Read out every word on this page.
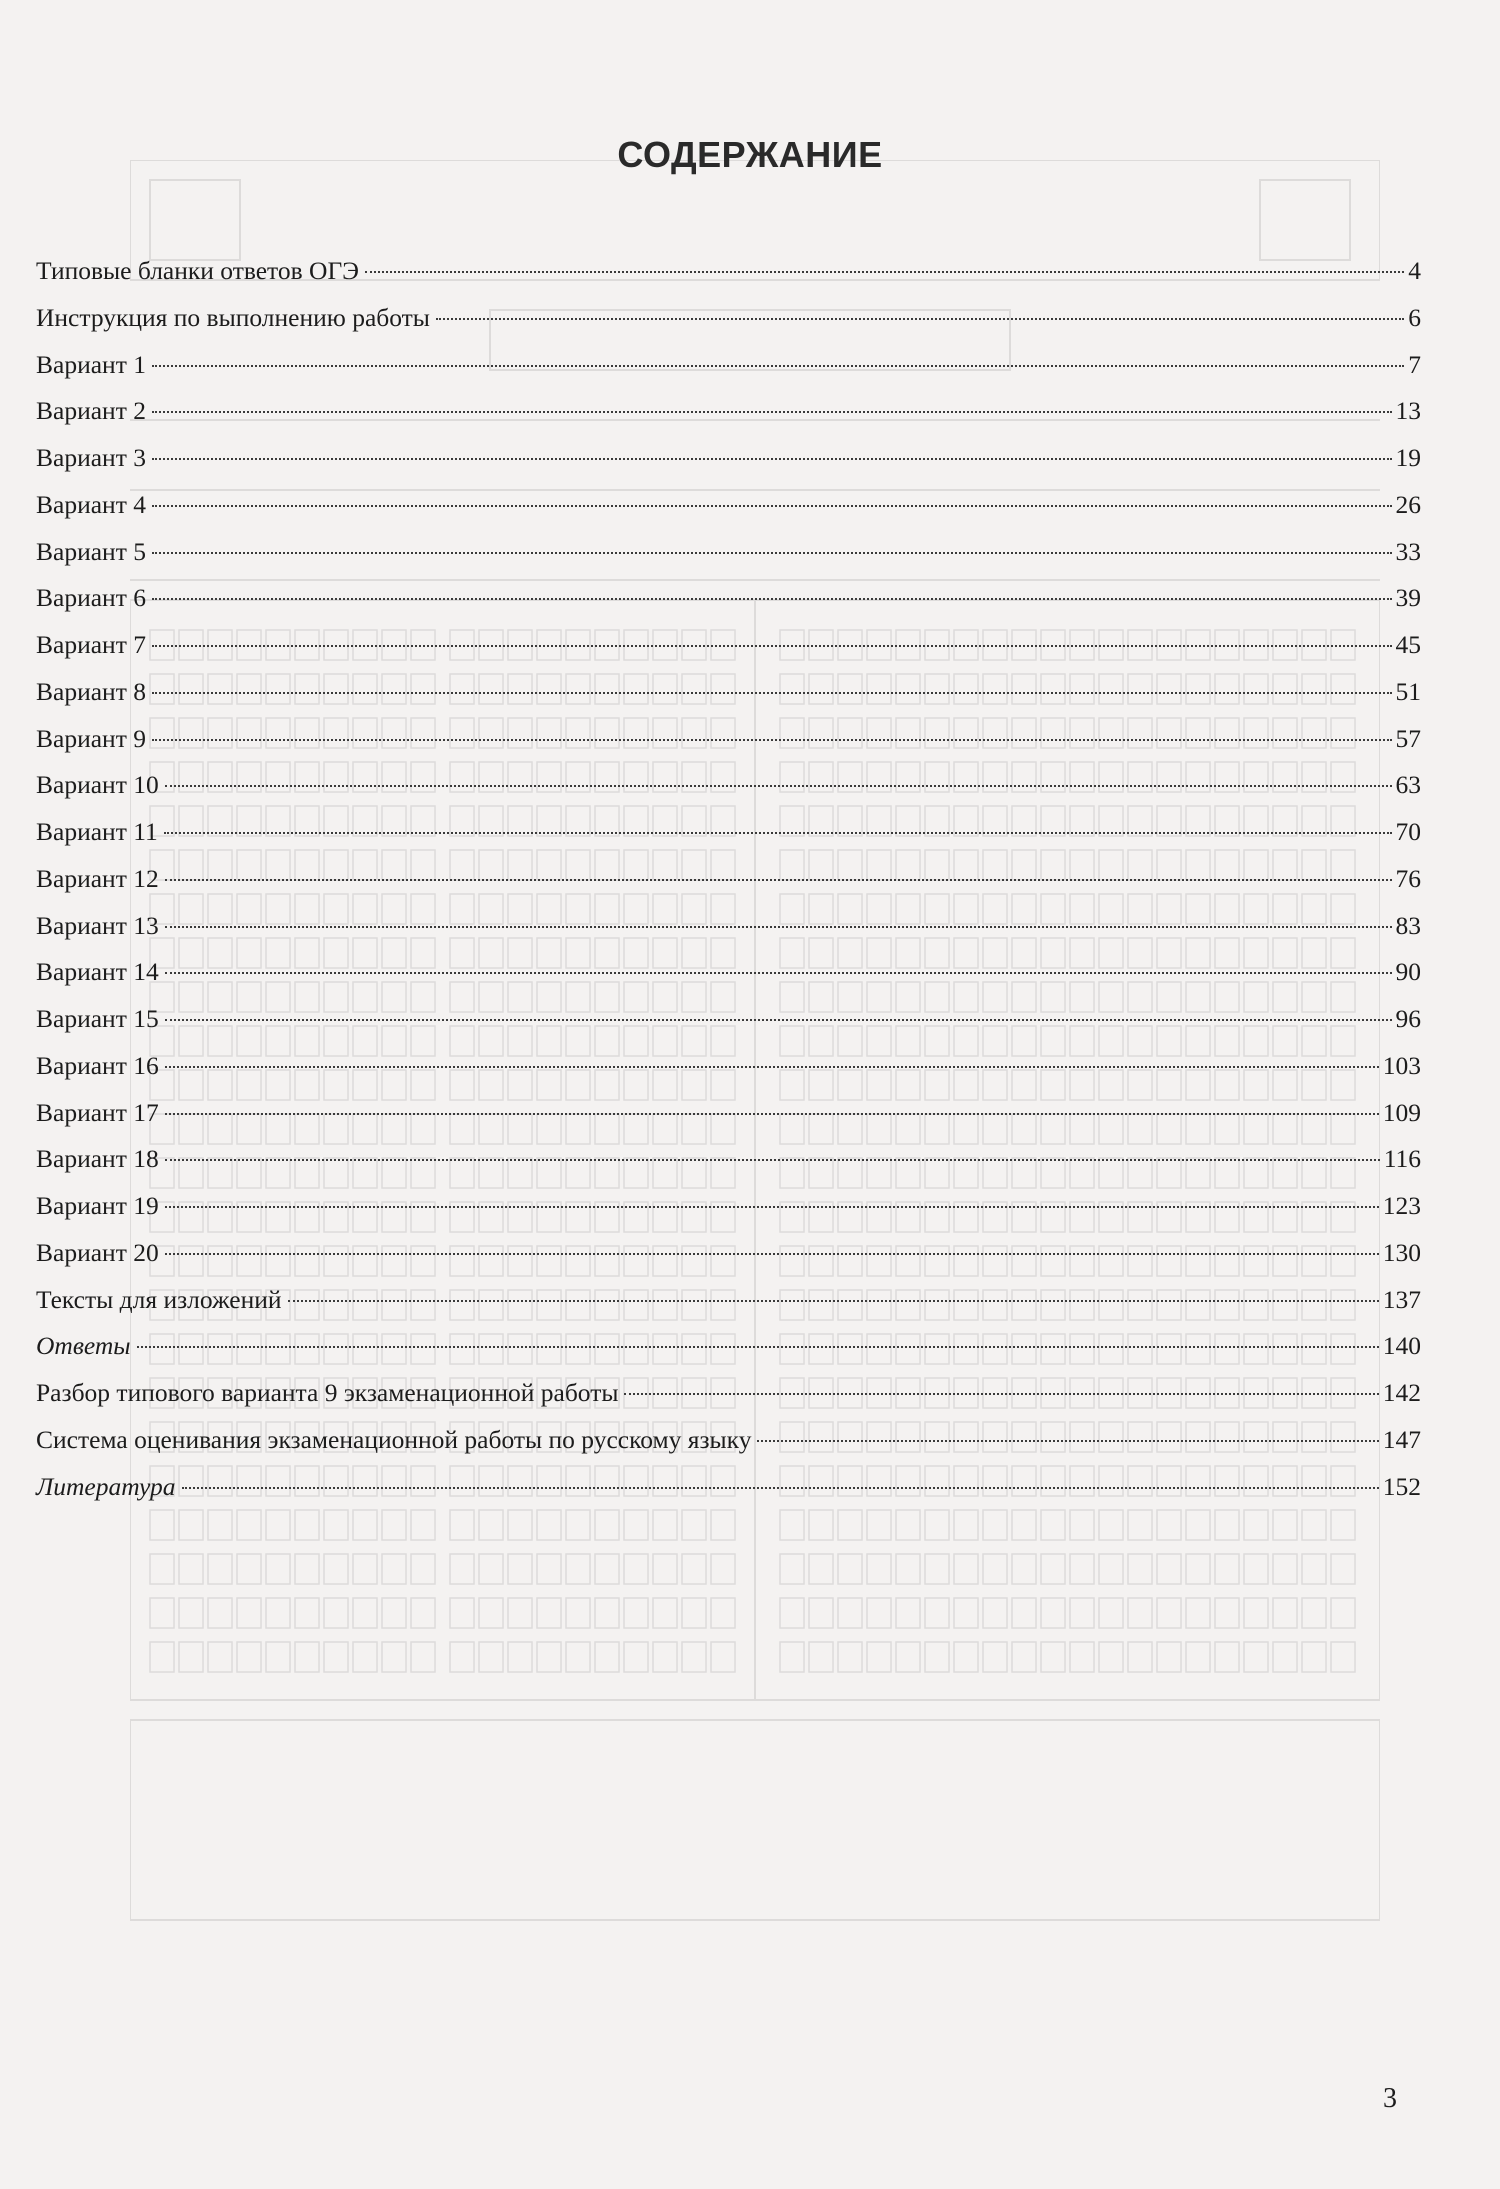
СОДЕРЖАНИЕ
Типовые бланки ответов ОГЭ	4
Инструкция по выполнению работы	6
Вариант 1	7
Вариант 2	13
Вариант 3	19
Вариант 4	26
Вариант 5	33
Вариант 6	39
Вариант 7	45
Вариант 8	51
Вариант 9	57
Вариант 10	63
Вариант 11	70
Вариант 12	76
Вариант 13	83
Вариант 14	90
Вариант 15	96
Вариант 16	103
Вариант 17	109
Вариант 18	116
Вариант 19	123
Вариант 20	130
Тексты для изложений	137
Ответы	140
Разбор типового варианта 9 экзаменационной работы	142
Система оценивания экзаменационной работы по русскому языку	147
Литература	152
3
